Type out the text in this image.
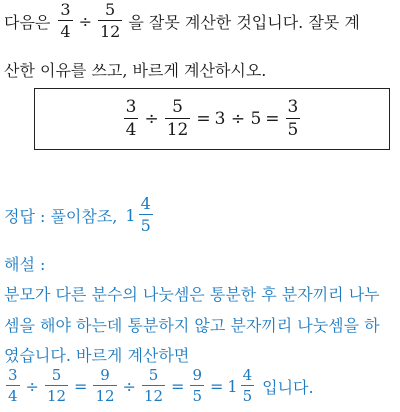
다음은 $\frac{3}{4} \div \frac{5}{12}$ 을 잘못 계산한 것입니다. 잘못 계
산한 이유를 쓰고, 바르게 계산하시오.
$\frac{3}{4} \div \frac{5}{12} = 3 \div 5 = \frac{3}{5}$
정답 : 풀이참조, $1 \frac{4}{5}$
해설 :
분모가 다른 분수의 나눗셈은 통분한 후 분자끼리 나누
셈을 해야 하는데 통분하지 않고 분자끼리 나눗셈을 하
였습니다. 바르게 계산하면
$\frac{3}{4} \div \frac{5}{12} = \frac{9}{12} \div \frac{5}{12} = \frac{9}{5} = 1 \frac{4}{5}$ 입니다.
